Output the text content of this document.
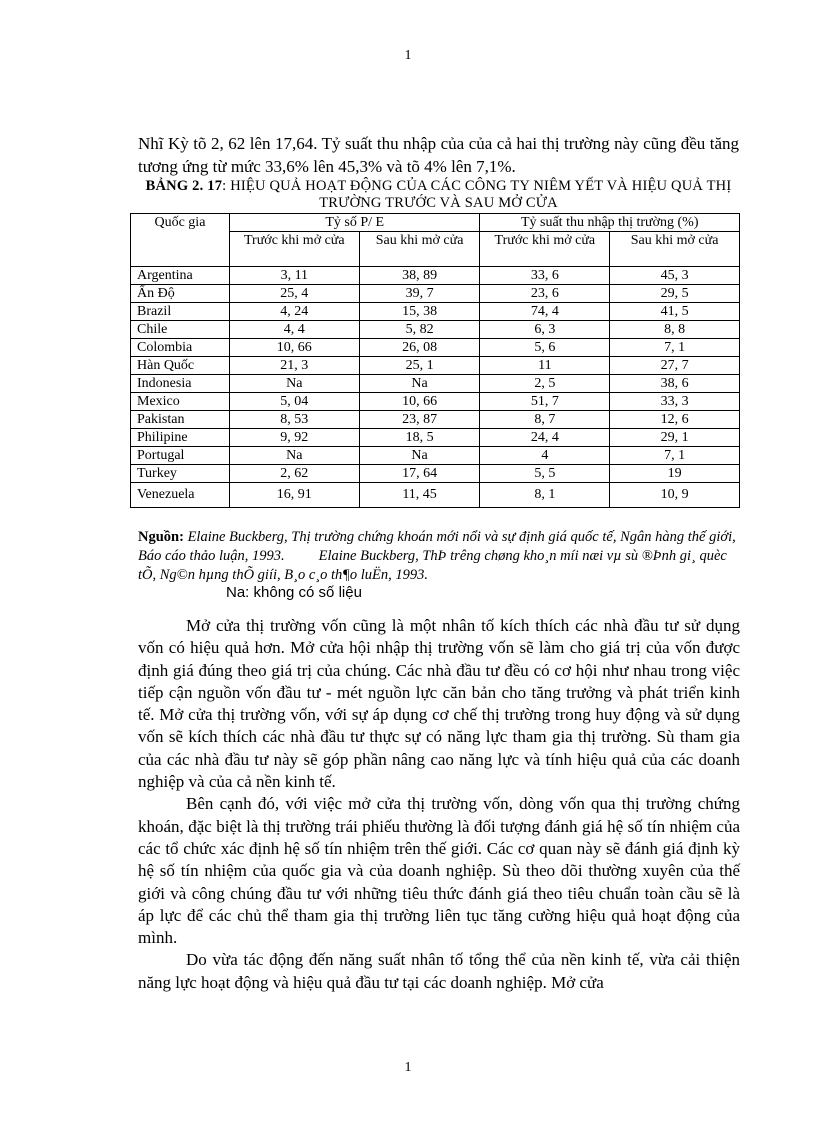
1
Nhĩ Kỳ tõ 2, 62 lên 17,64. Tỷ suất thu nhập của của cả hai thị trường này cũng đều tăng tương ứng từ mức 33,6% lên 45,3% và tõ 4% lên 7,1%.
BẢNG 2. 17: HIỆU QUẢ HOẠT ĐỘNG CỦA CÁC CÔNG TY NIÊM YẾT VÀ HIỆU QUẢ THỊ TRƯỜNG TRƯỚC VÀ SAU MỞ CỬA
Quốc gia	Tỷ số P/ E		Tỷ suất thu nhập thị trường (%)	
	Trước khi mở cửa	Sau khi mở cửa	Trước khi mở cửa	Sau khi mở cửa
Argentina	3, 11	38, 89	33, 6	45, 3
Ấn Độ	25, 4	39, 7	23, 6	29, 5
Brazil	4, 24	15, 38	74, 4	41, 5
Chile	4, 4	5, 82	6, 3	8, 8
Colombia	10, 66	26, 08	5, 6	7, 1
Hàn Quốc	21, 3	25, 1	11	27, 7
Indonesia	Na	Na	2, 5	38, 6
Mexico	5, 04	10, 66	51, 7	33, 3
Pakistan	8, 53	23, 87	8, 7	12, 6
Philipine	9, 92	18, 5	24, 4	29, 1
Portugal	Na	Na	4	7, 1
Turkey	2, 62	17, 64	5, 5	19
Venezuela	16, 91	11, 45	8, 1	10, 9
Nguồn: Elaine Buckberg, Thị trường chứng khoán mới nổi và sự định giá quốc tế, Ngân hàng thế giới, Báo cáo thảo luận, 1993. Elaine Buckberg, ThÞ trêng chøng kho¸n míi næi vµ sù ®Þnh gi¸ quèc tÕ, Ng©n hµng thÕ giíi, B¸o c¸o th¶o luËn, 1993.
Na: không có số liệu

Mở cửa thị trường vốn cũng là một nhân tố kích thích các nhà đầu tư sử dụng vốn có hiệu quả hơn. Mở cửa hội nhập thị trường vốn sẽ làm cho giá trị của vốn được định giá đúng theo giá trị của chúng. Các nhà đầu tư đều có cơ hội như nhau trong việc tiếp cận nguồn vốn đầu tư - mét nguồn lực căn bản cho tăng trưởng và phát triển kinh tế. Mở cửa thị trường vốn, với sự áp dụng cơ chế thị trường trong huy động và sử dụng vốn sẽ kích thích các nhà đầu tư thực sự có năng lực tham gia thị trường. Sù tham gia của các nhà đầu tư này sẽ góp phần nâng cao năng lực và tính hiệu quả của các doanh nghiệp và của cả nền kinh tế.

Bên cạnh đó, với việc mở cửa thị trường vốn, dòng vốn qua thị trường chứng khoán, đặc biệt là thị trường trái phiếu thường là đối tượng đánh giá hệ số tín nhiệm của các tổ chức xác định hệ số tín nhiệm trên thế giới. Các cơ quan này sẽ đánh giá định kỳ hệ số tín nhiệm của quốc gia và của doanh nghiệp. Sù theo dõi thường xuyên của thế giới và công chúng đầu tư với những tiêu thức đánh giá theo tiêu chuẩn toàn cầu sẽ là áp lực để các chủ thể tham gia thị trường liên tục tăng cường hiệu quả hoạt động của mình.

Do vừa tác động đến năng suất nhân tố tổng thể của nền kinh tế, vừa cải thiện năng lực hoạt động và hiệu quả đầu tư tại các doanh nghiệp. Mở cửa

1
